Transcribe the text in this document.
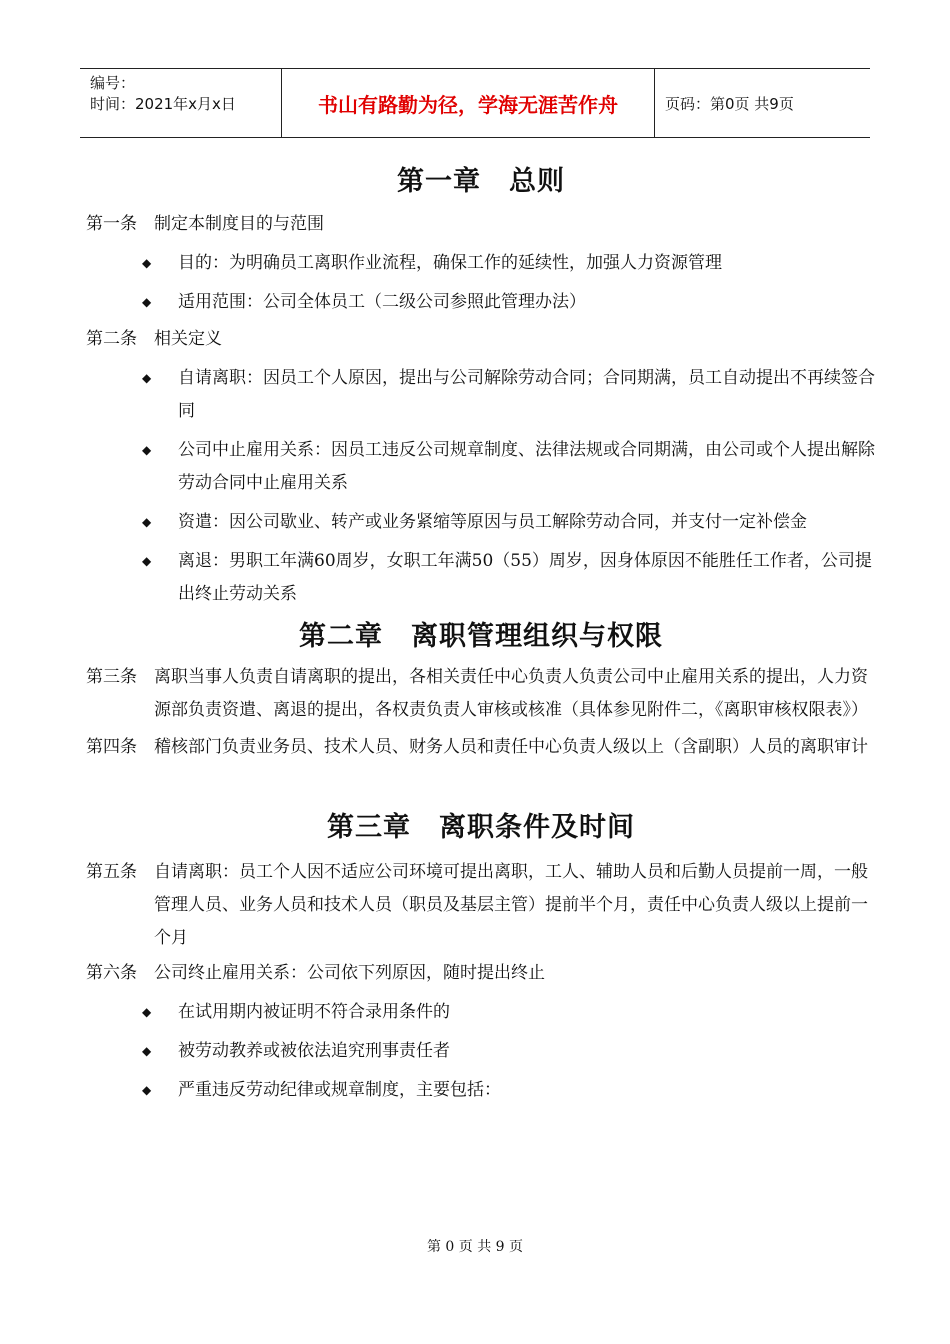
编号：
时间：2021年x月x日	书山有路勤为径，学海无涯苦作舟	页码：第0页 共9页
第一章　总则
第一条	制定本制度目的与范围
◆	目的：为明确员工离职作业流程，确保工作的延续性，加强人力资源管理
◆	适用范围：公司全体员工（二级公司参照此管理办法）
第二条	相关定义
◆	自请离职：因员工个人原因，提出与公司解除劳动合同；合同期满，员工自动提出不再续签合同
◆	公司中止雇用关系：因员工违反公司规章制度、法律法规或合同期满，由公司或个人提出解除劳动合同中止雇用关系
◆	资遣：因公司歇业、转产或业务紧缩等原因与员工解除劳动合同，并支付一定补偿金
◆	离退：男职工年满60周岁，女职工年满50（55）周岁，因身体原因不能胜任工作者，公司提出终止劳动关系
第二章　离职管理组织与权限
第三条	离职当事人负责自请离职的提出，各相关责任中心负责人负责公司中止雇用关系的提出，人力资源部负责资遣、离退的提出，各权责负责人审核或核准（具体参见附件二，《离职审核权限表》）
第四条	稽核部门负责业务员、技术人员、财务人员和责任中心负责人级以上（含副职）人员的离职审计
第三章　离职条件及时间
第五条	自请离职：员工个人因不适应公司环境可提出离职，工人、辅助人员和后勤人员提前一周，一般管理人员、业务人员和技术人员（职员及基层主管）提前半个月，责任中心负责人级以上提前一个月
第六条	公司终止雇用关系：公司依下列原因，随时提出终止
◆	在试用期内被证明不符合录用条件的
◆	被劳动教养或被依法追究刑事责任者
◆	严重违反劳动纪律或规章制度，主要包括：
第 0 页 共 9 页
